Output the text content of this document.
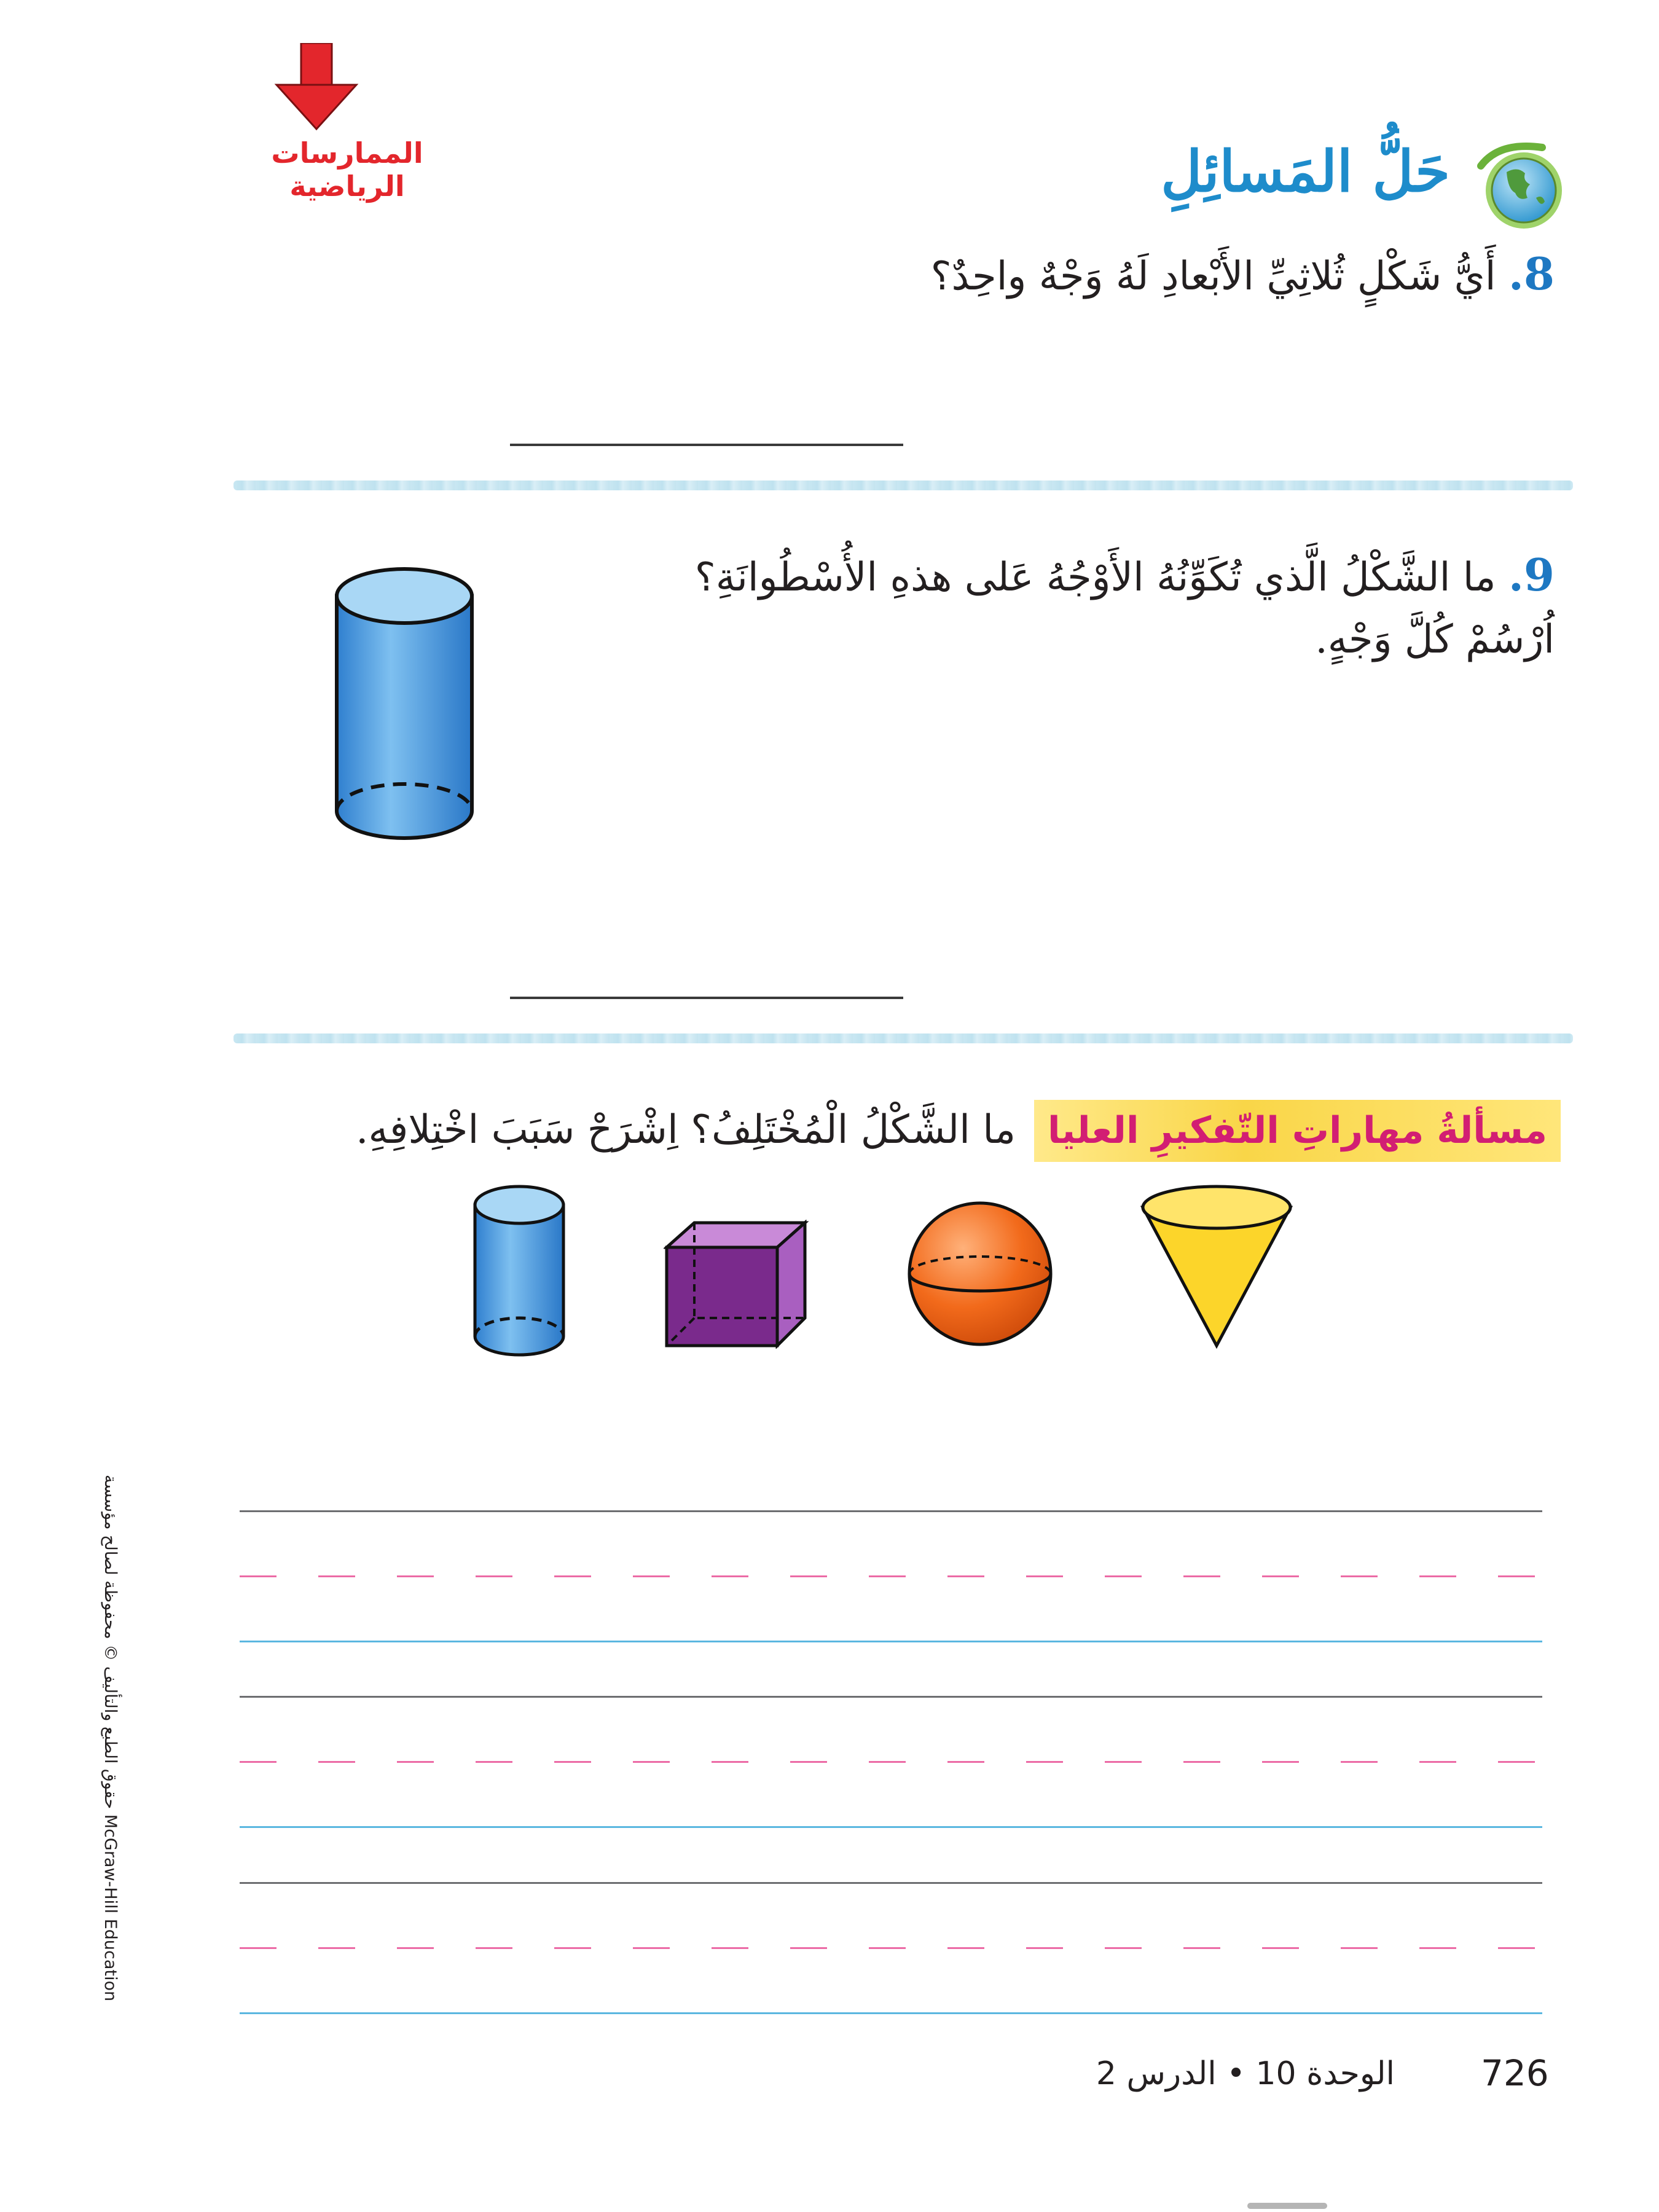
الممارسات الرياضية	حَلُّ المَسائِلِ
8. أَيُّ شَكْلٍ ثُلاثِيِّ الأَبْعادِ لَهُ وَجْهٌ واحِدٌ؟
9. ما الشَّكْلُ الَّذي تُكَوِّنُهُ الأَوْجُهُ عَلى هذهِ الأُسْطُوانَةِ؟ اُرْسُمْ كُلَّ وَجْهٍ.
مسألةُ مهاراتِ التّفكيرِ العلياما الشَّكْلُ الْمُخْتَلِفُ؟ اِشْرَحْ سَبَبَ اخْتِلافِهِ.
726
الوحدة 10 • الدرس 2
حقوق الطبع والتأليف © محفوظة لصالح مؤسسة McGraw-Hill Education
